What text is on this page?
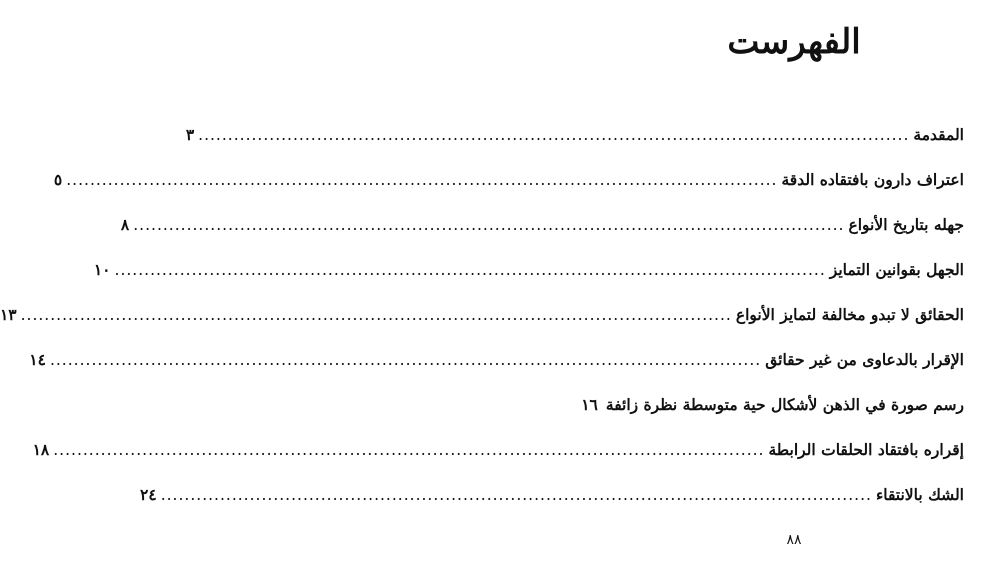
الفهرست
المقدمة
........................................................................................................................
٣
اعتراف دارون بافتقاده الدقة
........................................................................................................................
٥
جهله بتاريخ الأنواع
........................................................................................................................
٨
الجهل بقوانين التمايز
........................................................................................................................
١٠
الحقائق لا تبدو مخالفة لتمايز الأنواع
........................................................................................................................
١٣
الإقرار بالدعاوى من غير حقائق
........................................................................................................................
١٤
رسم صورة في الذهن لأشكال حية متوسطة نظرة زائفة
١٦
إقراره بافتقاد الحلقات الرابطة
........................................................................................................................
١٨
الشك بالانتقاء
........................................................................................................................
٢٤
٨٨
